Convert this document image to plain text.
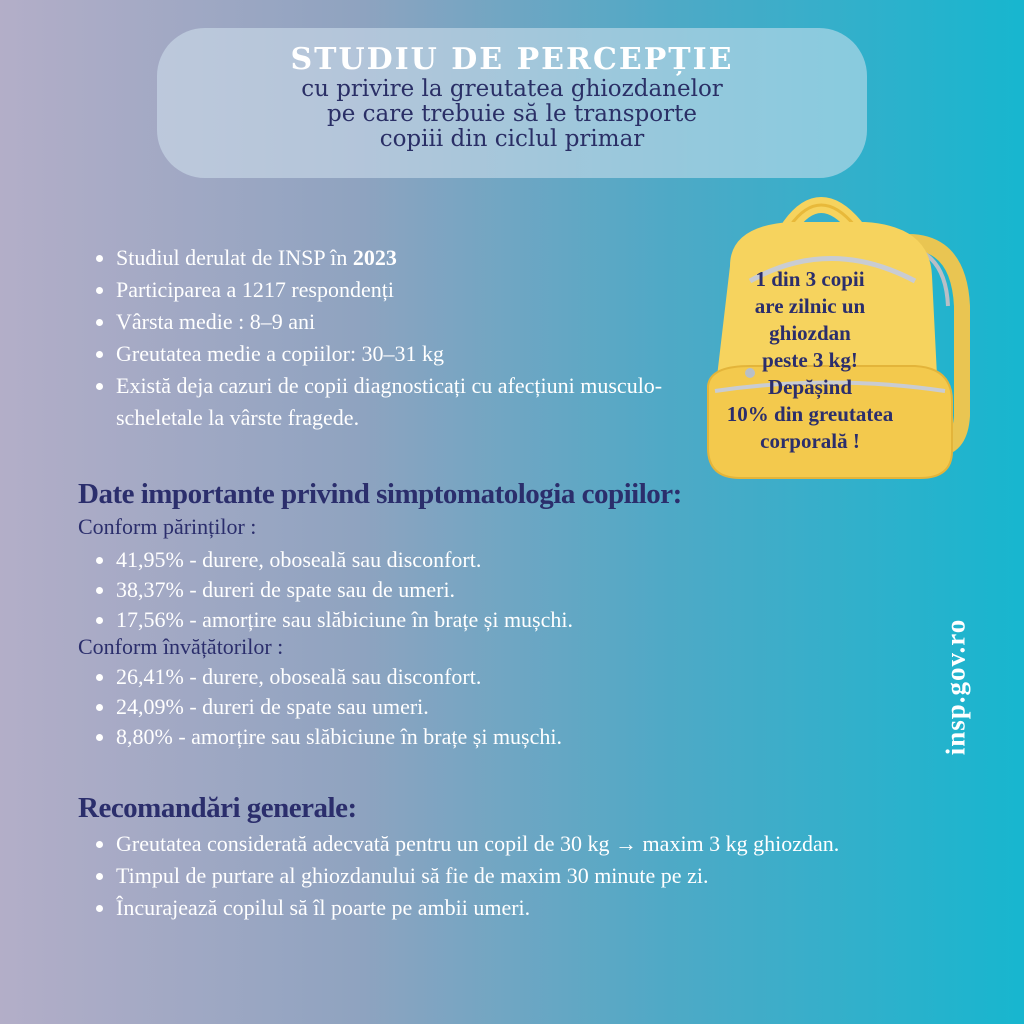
STUDIU DE PERCEPȚIE
cu privire la greutatea ghiozdanelor
pe care trebuie să le transporte
copiii din ciclul primar
• Studiul derulat de INSP în 2023
• Participarea a 1217 respondenți
• Vârsta medie : 8–9 ani
• Greutatea medie a copiilor: 30–31 kg
• Există deja cazuri de copii diagnosticați cu afecțiuni musculo-scheletale la vârste fragede.
1 din 3 copii
are zilnic un
ghiozdan
peste 3 kg!
Depășind
10% din greutatea
corporală !
Date importante privind simptomatologia copiilor:
Conform părinților :
• 41,95% - durere, oboseală sau disconfort.
• 38,37% - dureri de spate sau de umeri.
• 17,56% - amorțire sau slăbiciune în brațe și mușchi.
Conform învățătorilor :
• 26,41% - durere, oboseală sau disconfort.
• 24,09% - dureri de spate sau umeri.
• 8,80% - amorțire sau slăbiciune în brațe și mușchi.
Recomandări generale:
• Greutatea considerată adecvată pentru un copil de 30 kg → maxim 3 kg ghiozdan.
• Timpul de purtare al ghiozdanului să fie de maxim 30 minute pe zi.
• Încurajează copilul să îl poarte pe ambii umeri.
insp.gov.ro
